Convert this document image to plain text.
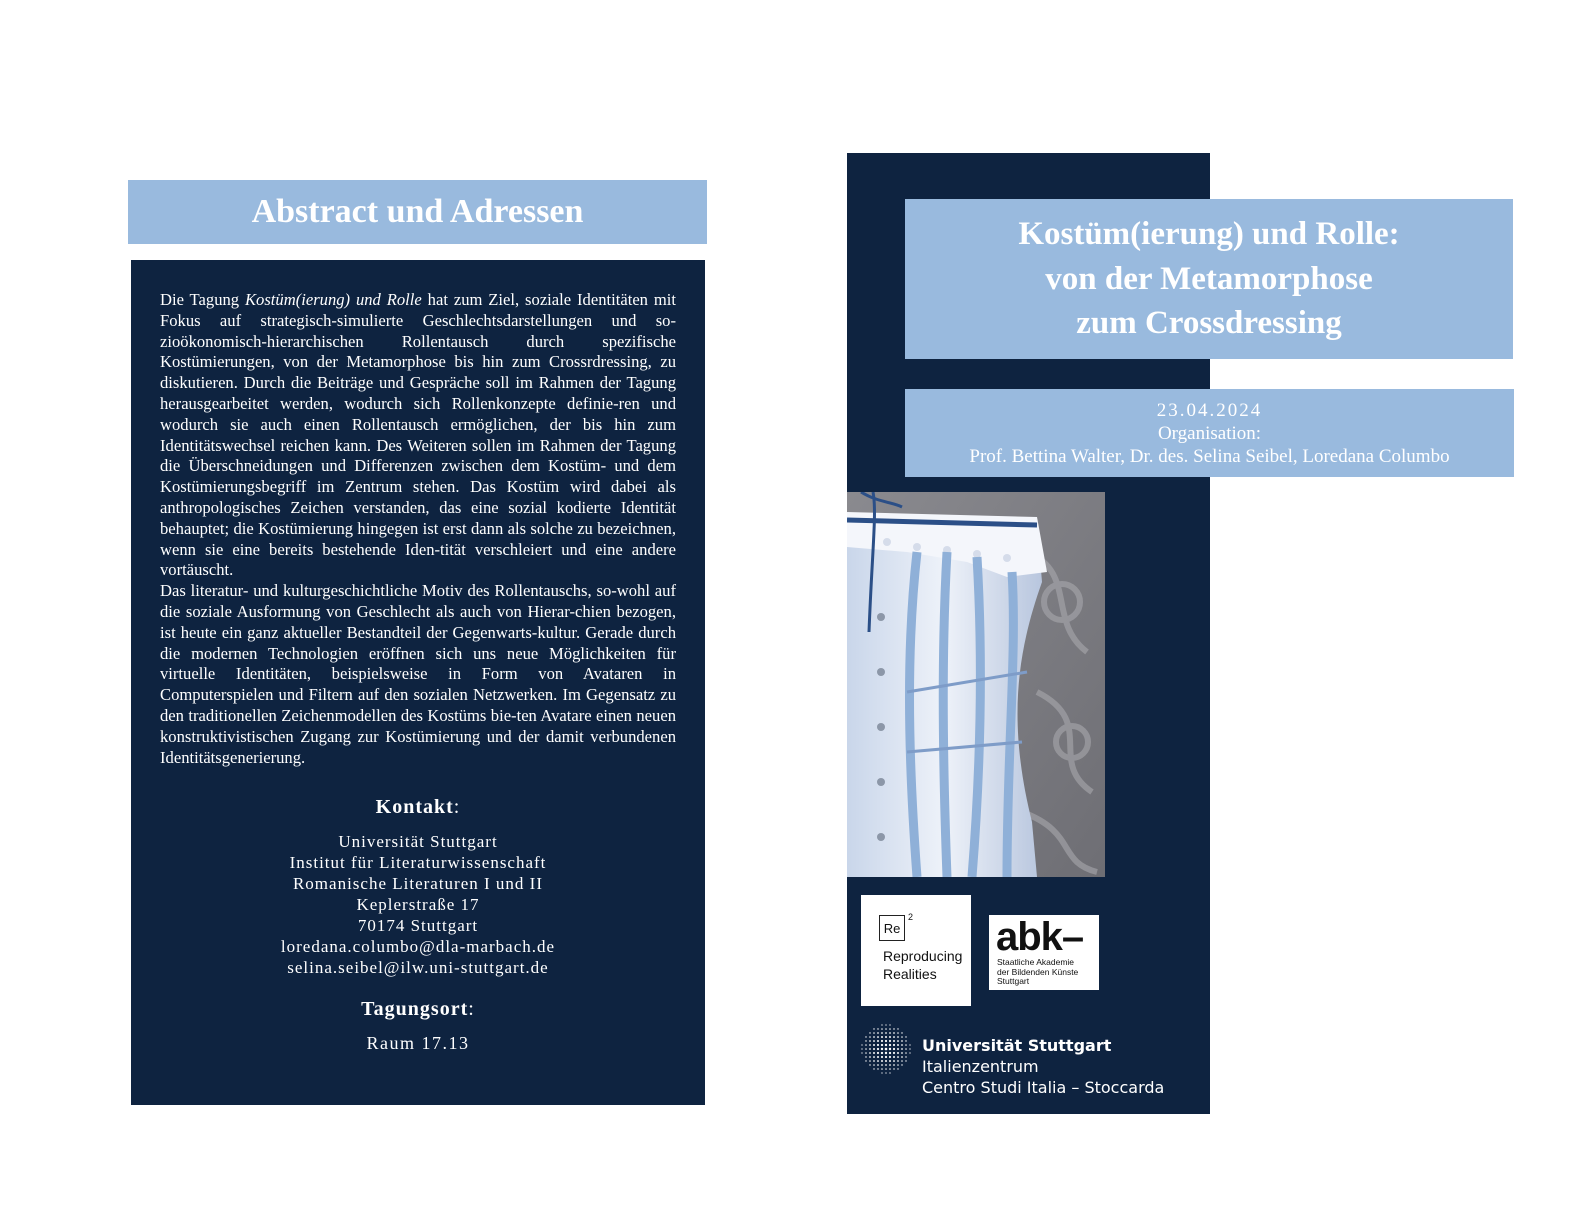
Abstract und Adressen

Die Tagung Kostüm(ierung) und Rolle hat zum Ziel, soziale Identitäten mit Fokus auf strategisch-simulierte Geschlechtsdarstellungen und so-zioökonomisch-hierarchischen Rollentausch durch spezifische Kostümierungen, von der Metamorphose bis hin zum Crossrdressing, zu diskutieren. Durch die Beiträge und Gespräche soll im Rahmen der Tagung herausgearbeitet werden, wodurch sich Rollenkonzepte definie-ren und wodurch sie auch einen Rollentausch ermöglichen, der bis hin zum Identitätswechsel reichen kann. Des Weiteren sollen im Rahmen der Tagung die Überschneidungen und Differenzen zwischen dem Kostüm- und dem Kostümierungsbegriff im Zentrum stehen. Das Kostüm wird dabei als anthropologisches Zeichen verstanden, das eine sozial kodierte Identität behauptet; die Kostümierung hingegen ist erst dann als solche zu bezeichnen, wenn sie eine bereits bestehende Iden-tität verschleiert und eine andere vortäuscht.

Das literatur- und kulturgeschichtliche Motiv des Rollentauschs, so-wohl auf die soziale Ausformung von Geschlecht als auch von Hierar-chien bezogen, ist heute ein ganz aktueller Bestandteil der Gegenwarts-kultur. Gerade durch die modernen Technologien eröffnen sich uns neue Möglichkeiten für virtuelle Identitäten, beispielsweise in Form von Avataren in Computerspielen und Filtern auf den sozialen Netzwerken. Im Gegensatz zu den traditionellen Zeichenmodellen des Kostüms bie-ten Avatare einen neuen konstruktivistischen Zugang zur Kostümierung und der damit verbundenen Identitätsgenerierung.

Kontakt:
Universität Stuttgart
Institut für Literaturwissenschaft
Romanische Literaturen I und II
Keplerstraße 17
70174 Stuttgart
loredana.columbo@dla-marbach.de
selina.seibel@ilw.uni-stuttgart.de
Tagungsort:
Raum 17.13
Kostüm(ierung) und Rolle:
von der Metamorphose
zum Crossdressing
23.04.2024
Organisation:
Prof. Bettina Walter, Dr. des. Selina Seibel, Loredana Columbo
Re
2
Reproducing
Realities
abk–
Staatliche Akademie
der Bildenden Künste
Stuttgart
Universität Stuttgart
Italienzentrum
Centro Studi Italia – Stoccarda
